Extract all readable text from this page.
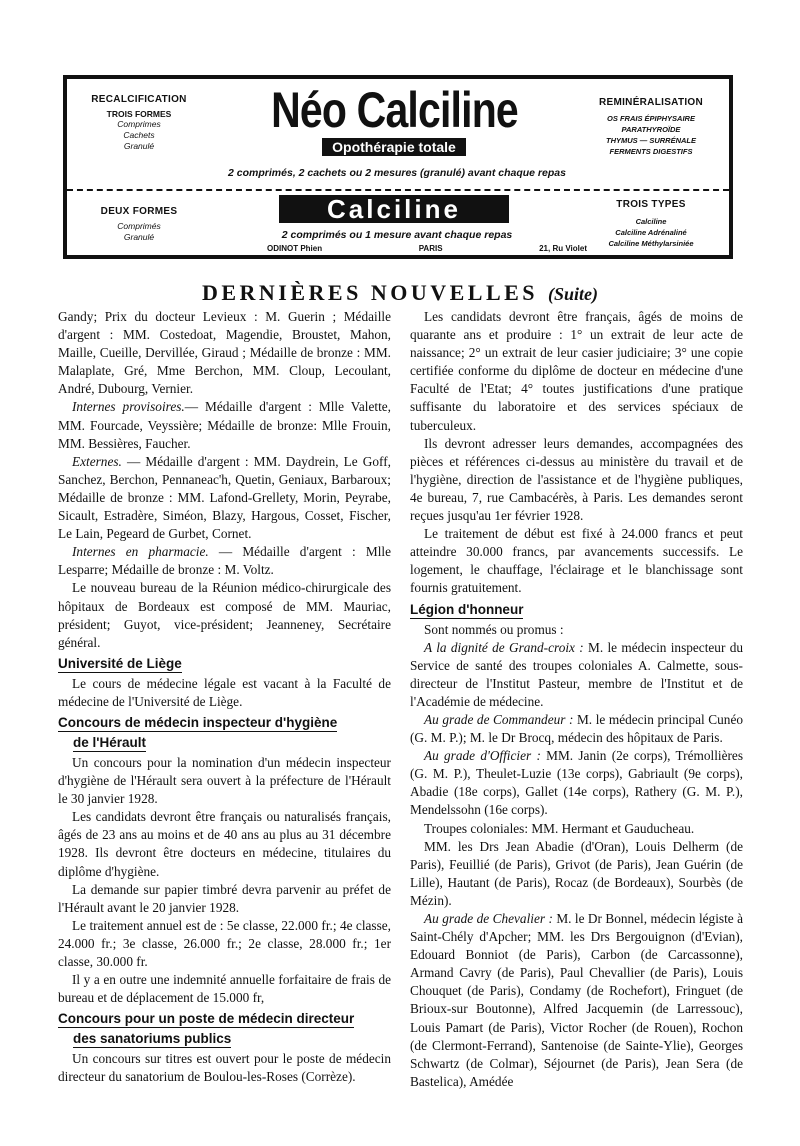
RECALCIFICATION
TROIS FORMES
Comprimes
Cachets
Granulé
Néo Calciline
Opothérapie totale
2 comprimés, 2 cachets ou 2 mesures (granulé) avant chaque repas
REMINÉRALISATION
OS FRAIS ÉPIPHYSAIRE
PARATHYROÏDE
THYMUS — SURRÉNALE
FERMENTS DIGESTIFS
DEUX FORMES
Comprimés
Granulé
Calciline
2 comprimés ou 1 mesure avant chaque repas
ODINOT Phien	PARIS	21, Ru Violet
TROIS TYPES
Calciline
Calciline Adrénaliné
Calciline Méthylarsiniée
DERNIÈRES NOUVELLES (Suite)

Gandy; Prix du docteur Levieux : M. Guerin ; Médaille d'argent : MM. Costedoat, Magendie, Broustet, Mahon, Maille, Cueille, Dervillée, Giraud ; Médaille de bronze : MM. Malaplate, Gré, Mme Berchon, MM. Cloup, Lecoulant, André, Dubourg, Vernier.

Internes provisoires.— Médaille d'argent : Mlle Valette, MM. Fourcade, Veyssière; Médaille de bronze: Mlle Frouin, MM. Bessières, Faucher.

Externes. — Médaille d'argent : MM. Daydrein, Le Goff, Sanchez, Berchon, Pennaneac'h, Quetin, Geniaux, Barbaroux; Médaille de bronze : MM. Lafond-Grellety, Morin, Peyrabe, Sicault, Estradère, Siméon, Blazy, Hargous, Cosset, Fischer, Le Lain, Pegeard de Gurbet, Cornet.

Internes en pharmacie. — Médaille d'argent : Mlle Lesparre; Médaille de bronze : M. Voltz.

Le nouveau bureau de la Réunion médico-chirurgicale des hôpitaux de Bordeaux est composé de MM. Mauriac, président; Guyot, vice-président; Jeanneney, Secrétaire général.

Université de Liège

Le cours de médecine légale est vacant à la Faculté de médecine de l'Université de Liège.

Concours de médecin inspecteur d'hygiène
de l'Hérault

Un concours pour la nomination d'un médecin inspecteur d'hygiène de l'Hérault sera ouvert à la préfecture de l'Hérault le 30 janvier 1928.

Les candidats devront être français ou naturalisés français, âgés de 23 ans au moins et de 40 ans au plus au 31 décembre 1928. Ils devront être docteurs en médecine, titulaires du diplôme d'hygiène.

La demande sur papier timbré devra parvenir au préfet de l'Hérault avant le 20 janvier 1928.

Le traitement annuel est de : 5e classe, 22.000 fr.; 4e classe, 24.000 fr.; 3e classe, 26.000 fr.; 2e classe, 28.000 fr.; 1er classe, 30.000 fr.

Il y a en outre une indemnité annuelle forfaitaire de frais de bureau et de déplacement de 15.000 fr,

Concours pour un poste de médecin directeur
des sanatoriums publics

Un concours sur titres est ouvert pour le poste de médecin directeur du sanatorium de Boulou-les-Roses (Corrèze).

Les candidats devront être français, âgés de moins de quarante ans et produire : 1° un extrait de leur acte de naissance; 2° un extrait de leur casier judiciaire; 3° une copie certifiée conforme du diplôme de docteur en médecine d'une Faculté de l'Etat; 4° toutes justifications d'une pratique suffisante du laboratoire et des services spéciaux de tuberculeux.

Ils devront adresser leurs demandes, accompagnées des pièces et références ci-dessus au ministère du travail et de l'hygiène, direction de l'assistance et de l'hygiène publiques, 4e bureau, 7, rue Cambacérès, à Paris. Les demandes seront reçues jusqu'au 1er février 1928.

Le traitement de début est fixé à 24.000 francs et peut atteindre 30.000 francs, par avancements successifs. Le logement, le chauffage, l'éclairage et le blanchissage sont fournis gratuitement.

Légion d'honneur

Sont nommés ou promus :

A la dignité de Grand-croix : M. le médecin inspecteur du Service de santé des troupes coloniales A. Calmette, sous-directeur de l'Institut Pasteur, membre de l'Institut et de l'Académie de médecine.

Au grade de Commandeur : M. le médecin principal Cunéo (G. M. P.); M. le Dr Brocq, médecin des hôpitaux de Paris.

Au grade d'Officier : MM. Janin (2e corps), Trémollières (G. M. P.), Theulet-Luzie (13e corps), Gabriault (9e corps), Abadie (18e corps), Gallet (14e corps), Rathery (G. M. P.), Mendelssohn (16e corps).

Troupes coloniales: MM. Hermant et Gauducheau.

MM. les Drs Jean Abadie (d'Oran), Louis Delherm (de Paris), Feuillié (de Paris), Grivot (de Paris), Jean Guérin (de Lille), Hautant (de Paris), Rocaz (de Bordeaux), Sourbès (de Mézin).

Au grade de Chevalier : M. le Dr Bonnel, médecin légiste à Saint-Chély d'Apcher; MM. les Drs Bergouignon (d'Evian), Edouard Bonniot (de Paris), Carbon (de Carcassonne), Armand Cavry (de Paris), Paul Chevallier (de Paris), Louis Chouquet (de Paris), Condamy (de Rochefort), Fringuet (de Brioux-sur Boutonne), Alfred Jacquemin (de Larressouc), Louis Pamart (de Paris), Victor Rocher (de Rouen), Rochon (de Clermont-Ferrand), Santenoise (de Sainte-Ylie), Georges Schwartz (de Colmar), Séjournet (de Paris), Jean Sera (de Bastelica), Amédée
